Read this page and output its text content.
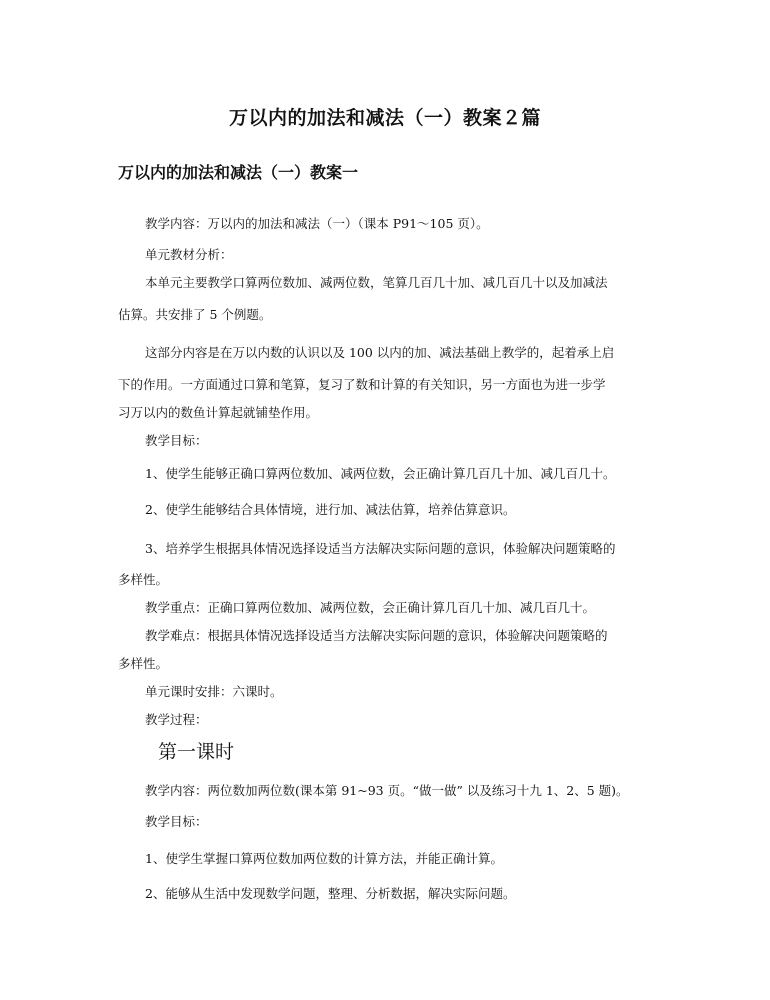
万以内的加法和减法（一）教案２篇
万以内的加法和减法（一）教案一
教学内容：万以内的加法和减法（一）（课本 P91～105 页）。
单元教材分析：
本单元主要教学口算两位数加、减两位数，笔算几百几十加、减几百几十以及加减法
估算。共安排了 5 个例题。
这部分内容是在万以内数的认识以及 100 以内的加、减法基础上教学的，起着承上启
下的作用。一方面通过口算和笔算，复习了数和计算的有关知识，另一方面也为进一步学
习万以内的数鱼计算起就铺垫作用。
教学目标：
1、使学生能够正确口算两位数加、减两位数，会正确计算几百几十加、减几百几十。
2、使学生能够结合具体情境，进行加、减法估算，培养估算意识。
3、培养学生根据具体情况选择设适当方法解决实际问题的意识，体验解决问题策略的
多样性。
教学重点：正确口算两位数加、减两位数，会正确计算几百几十加、减几百几十。
教学难点：根据具体情况选择设适当方法解决实际问题的意识，体验解决问题策略的
多样性。
单元课时安排：六课时。
教学过程：
第一课时
教学内容：两位数加两位数(课本第 91~93 页。“做一做” 以及练习十九 1、2、5 题)。
教学目标：
1、使学生掌握口算两位数加两位数的计算方法，并能正确计算。
2、能够从生活中发现数学问题，整理、分析数据，解决实际问题。
